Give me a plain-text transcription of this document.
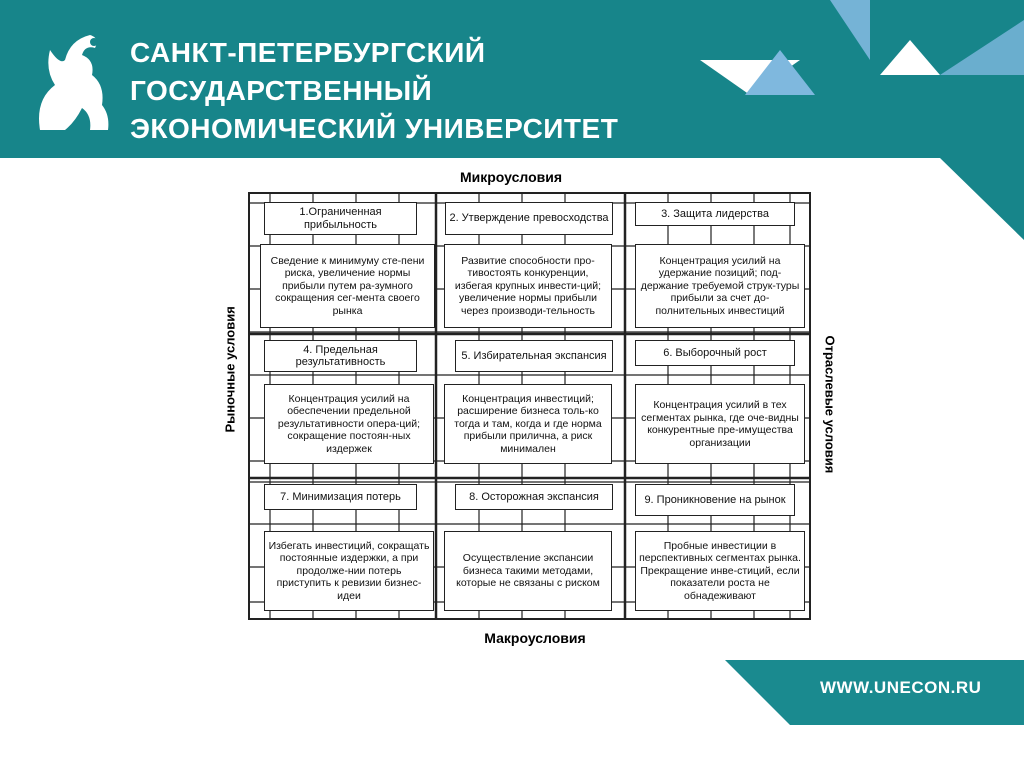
САНКТ-ПЕТЕРБУРГСКИЙ
ГОСУДАРСТВЕННЫЙ
ЭКОНОМИЧЕСКИЙ УНИВЕРСИТЕТ
Микроусловия
Макроусловия
Рыночные условия	Отраслевые условия
1.Ограниченная прибыльность
Сведение к минимуму сте-пени риска, увеличение нормы прибыли путем ра-зумного сокращения сег-мента своего рынка
2. Утверждение превосходства
Развитие способности про-тивостоять конкуренции, избегая крупных инвести-ций; увеличение нормы прибыли через производи-тельность
3. Защита лидерства
Концентрация усилий на удержание позиций; под-держание требуемой струк-туры прибыли за счет до-полнительных инвестиций
4. Предельная результативность
Концентрация усилий на обеспечении предельной результативности опера-ций; сокращение постоян-ных издержек
5. Избирательная экспансия
Концентрация инвестиций; расширение бизнеса толь-ко тогда и там, когда и где норма прибыли прилична, а риск минимален
6. Выборочный рост
Концентрация усилий в тех сегментах рынка, где оче-видны конкурентные пре-имущества организации
7. Минимизация потерь
Избегать инвестиций, сокращать постоянные издержки, а при продолже-нии потерь приступить к ревизии бизнес-идеи
8. Осторожная экспансия
Осуществление экспансии бизнеса такими методами, которые не связаны с риском
9. Проникновение на рынок
Пробные инвестиции в перспективных сегментах рынка. Прекращение инве-стиций, если показатели роста не обнадеживают
WWW.UNECON.RU
